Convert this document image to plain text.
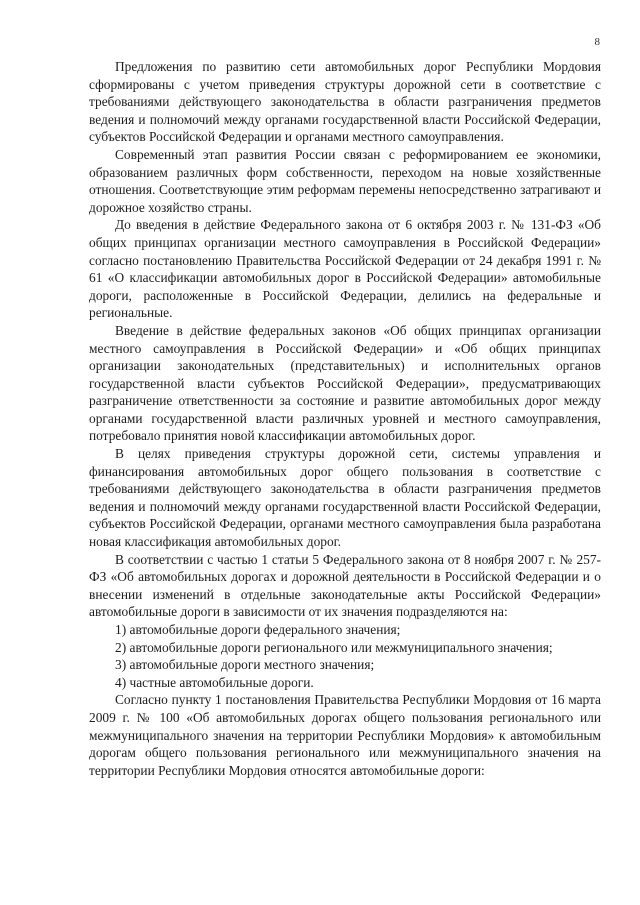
8

Предложения по развитию сети автомобильных дорог Республики Мордовия сформированы с учетом приведения структуры дорожной сети в соответствие с требованиями действующего законодательства в области разграничения предметов ведения и полномочий между органами государственной власти Российской Федерации, субъектов Российской Федерации и органами местного самоуправления.

Современный этап развития России связан с реформированием ее экономики, образованием различных форм собственности, переходом на новые хозяйственные отношения. Соответствующие этим реформам перемены непосредственно затрагивают и дорожное хозяйство страны.

До введения в действие Федерального закона от 6 октября 2003 г. № 131-ФЗ «Об общих принципах организации местного самоуправления в Российской Федерации» согласно постановлению Правительства Российской Федерации от 24 декабря 1991 г. № 61 «О классификации автомобильных дорог в Российской Федерации» автомобильные дороги, расположенные в Российской Федерации, делились на федеральные и региональные.

Введение в действие федеральных законов «Об общих принципах организации местного самоуправления в Российской Федерации» и «Об общих принципах организации законодательных (представительных) и исполнительных органов государственной власти субъектов Российской Федерации», предусматривающих разграничение ответственности за состояние и развитие автомобильных дорог между органами государственной власти различных уровней и местного самоуправления, потребовало принятия новой классификации автомобильных дорог.

В целях приведения структуры дорожной сети, системы управления и финансирования автомобильных дорог общего пользования в соответствие с требованиями действующего законодательства в области разграничения предметов ведения и полномочий между органами государственной власти Российской Федерации, субъектов Российской Федерации, органами местного самоуправления была разработана новая классификация автомобильных дорог.

В соответствии с частью 1 статьи 5 Федерального закона от 8 ноября 2007 г. № 257-ФЗ «Об автомобильных дорогах и дорожной деятельности в Российской Федерации и о внесении изменений в отдельные законодательные акты Российской Федерации» автомобильные дороги в зависимости от их значения подразделяются на:

1) автомобильные дороги федерального значения;

2) автомобильные дороги регионального или межмуниципального значения;

3) автомобильные дороги местного значения;

4) частные автомобильные дороги.

Согласно пункту 1 постановления Правительства Республики Мордовия от 16 марта 2009 г. № 100 «Об автомобильных дорогах общего пользования регионального или межмуниципального значения на территории Республики Мордовия» к автомобильным дорогам общего пользования регионального или межмуниципального значения на территории Республики Мордовия относятся автомобильные дороги:
